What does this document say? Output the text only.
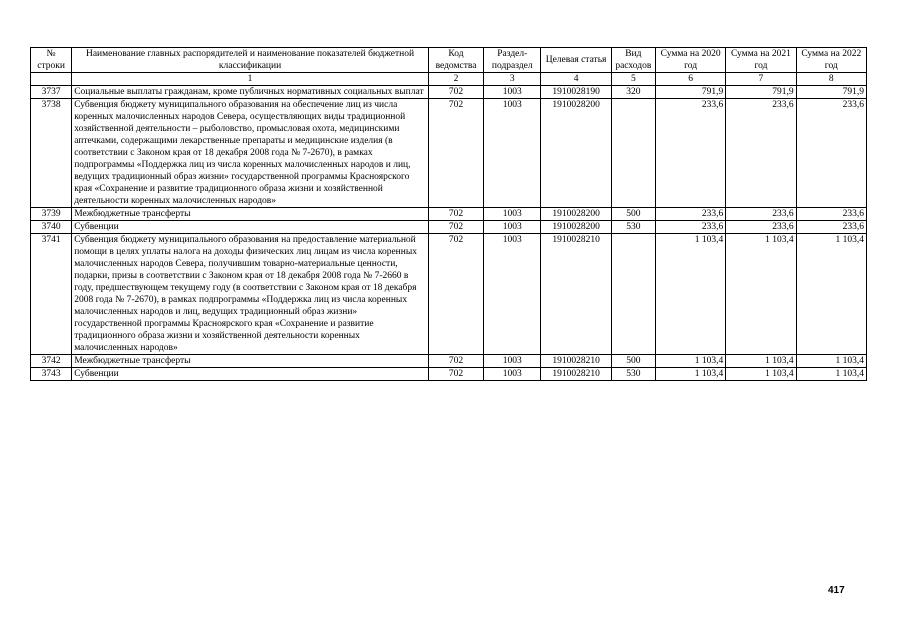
№ строки	Наименование главных распорядителей и наименование показателей бюджетной классификации	Код ведомства	Раздел-подраздел	Целевая статья	Вид расходов	Сумма на 2020 год	Сумма на 2021 год	Сумма на 2022 год
	1	2	3	4	5	6	7	8
3737	Социальные выплаты гражданам, кроме публичных нормативных социальных выплат	702	1003	1910028190	320	791,9	791,9	791,9
3738	Субвенция бюджету муниципального образования на обеспечение лиц из числа коренных малочисленных народов Севера, осуществляющих виды традиционной хозяйственной деятельности – рыболовство, промысловая охота, медицинскими аптечками, содержащими лекарственные препараты и медицинские изделия (в соответствии с Законом края от 18 декабря 2008 года № 7-2670), в рамках подпрограммы «Поддержка лиц из числа коренных малочисленных народов и лиц, ведущих традиционный образ жизни» государственной программы Красноярского края «Сохранение и развитие традиционного образа жизни и хозяйственной деятельности коренных малочисленных народов»	702	1003	1910028200		233,6	233,6	233,6
3739	Межбюджетные трансферты	702	1003	1910028200	500	233,6	233,6	233,6
3740	Субвенции	702	1003	1910028200	530	233,6	233,6	233,6
3741	Субвенция бюджету муниципального образования на предоставление материальной помощи в целях уплаты налога на доходы физических лиц лицам из числа коренных малочисленных народов Севера, получившим товарно-материальные ценности, подарки, призы в соответствии с Законом края от 18 декабря 2008 года № 7-2660 в году, предшествующем текущему году (в соответствии с Законом края от 18 декабря 2008 года № 7-2670), в рамках подпрограммы «Поддержка лиц из числа коренных малочисленных народов и лиц, ведущих традиционный образ жизни» государственной программы Красноярского края «Сохранение и развитие традиционного образа жизни и хозяйственной деятельности коренных малочисленных народов»	702	1003	1910028210		1 103,4	1 103,4	1 103,4
3742	Межбюджетные трансферты	702	1003	1910028210	500	1 103,4	1 103,4	1 103,4
3743	Субвенции	702	1003	1910028210	530	1 103,4	1 103,4	1 103,4
417
